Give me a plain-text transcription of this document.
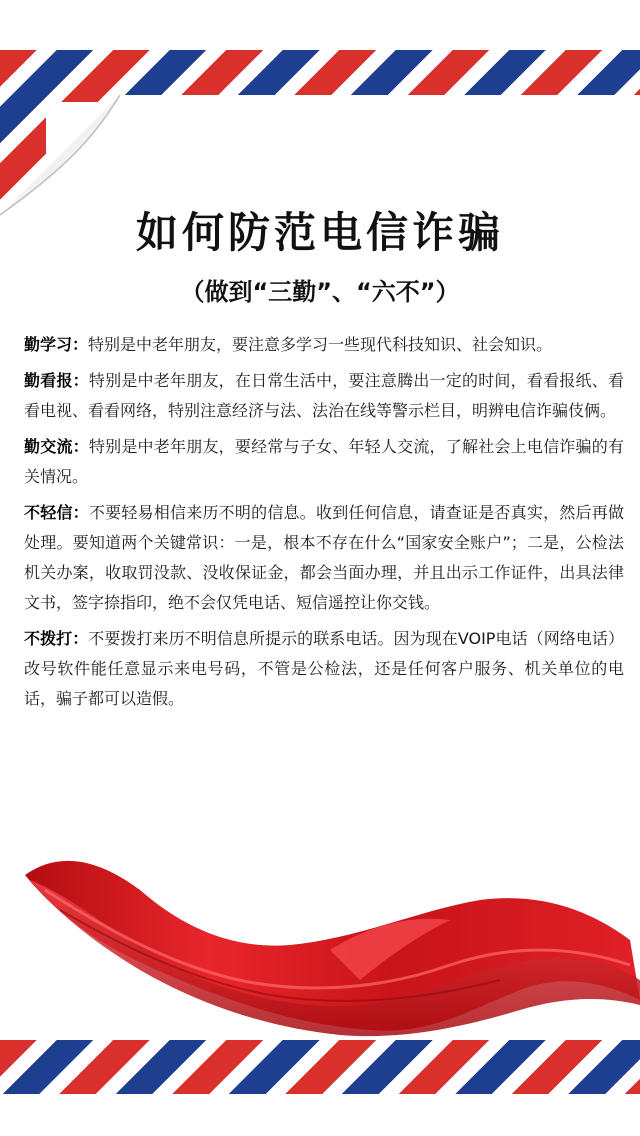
如何防范电信诈骗
（做到“三勤”、“六不”）

勤学习：特别是中老年朋友，要注意多学习一些现代科技知识、社会知识。

勤看报：特别是中老年朋友，在日常生活中，要注意腾出一定的时间，看看报纸、看看电视、看看网络，特别注意经济与法、法治在线等警示栏目，明辨电信诈骗伎俩。

勤交流：特别是中老年朋友，要经常与子女、年轻人交流，了解社会上电信诈骗的有关情况。

不轻信：不要轻易相信来历不明的信息。收到任何信息，请查证是否真实，然后再做处理。要知道两个关键常识：一是，根本不存在什么“国家安全账户”；二是，公检法机关办案，收取罚没款、没收保证金，都会当面办理，并且出示工作证件，出具法律文书，签字捺指印，绝不会仅凭电话、短信遥控让你交钱。

不拨打：不要拨打来历不明信息所提示的联系电话。因为现在VOIP电话（网络电话）改号软件能任意显示来电号码，不管是公检法，还是任何客户服务、机关单位的电话，骗子都可以造假。
